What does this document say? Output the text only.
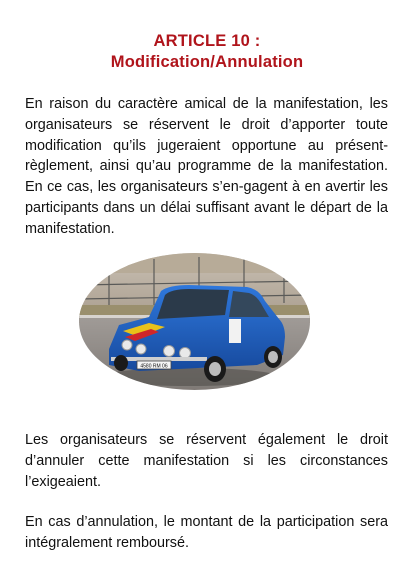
ARTICLE 10 :
Modification/Annulation

En raison du caractère amical de la manifestation, les organisateurs se réservent le droit d’apporter toute modification qu’ils jugeraient opportune au présent-règlement, ainsi qu’au programme de la manifestation. En ce cas, les organisateurs s’en-gagent à en avertir les participants dans un délai suffisant avant le départ de la manifestation.

4580 RM 06

Les organisateurs se réservent également le droit d’annuler cette manifestation si les circonstances l’exigeaient.

En cas d’annulation, le montant de la participation sera intégralement remboursé.
